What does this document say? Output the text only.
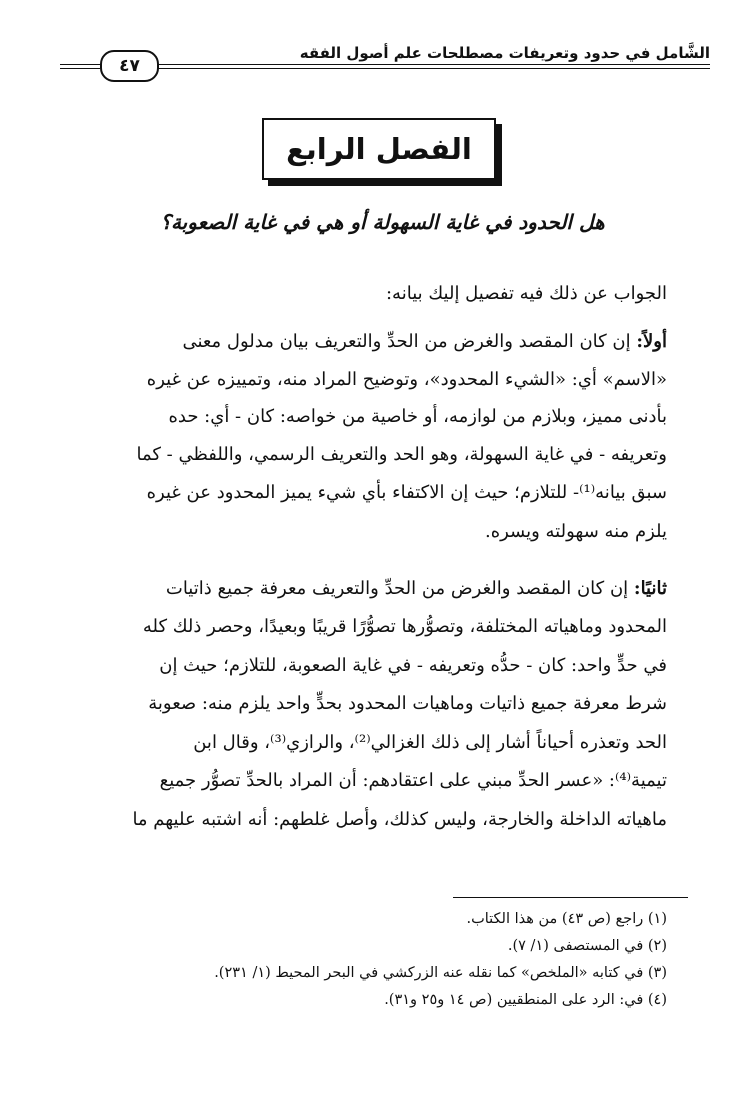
الشَّامل في حدود وتعريفات مصطلحات علم أصول الفقه
٤٧
الفصل الرابع
هل الحدود في غاية السهولة أو هي في غاية الصعوبة؟
الجواب عن ذلك فيه تفصيل إليك بيانه:
أولاً: إن كان المقصد والغرض من الحدِّ والتعريف بيان مدلول معنى
«الاسم» أي: «الشيء المحدود»، وتوضيح المراد منه، وتمييزه عن غيره
بأدنى مميز، وبلازم من لوازمه، أو خاصية من خواصه: كان - أي: حده
وتعريفه - في غاية السهولة، وهو الحد والتعريف الرسمي، واللفظي - كما
سبق بيانه⁽¹⁾- للتلازم؛ حيث إن الاكتفاء بأي شيء يميز المحدود عن غيره
يلزم منه سهولته ويسره.
ثانيًا: إن كان المقصد والغرض من الحدِّ والتعريف معرفة جميع ذاتيات
المحدود وماهياته المختلفة، وتصوُّرها تصوُّرًا قريبًا وبعيدًا، وحصر ذلك كله
في حدٍّ واحد: كان - حدُّه وتعريفه - في غاية الصعوبة، للتلازم؛ حيث إن
شرط معرفة جميع ذاتيات وماهيات المحدود بحدٍّ واحد يلزم منه: صعوبة
الحد وتعذره أحياناً أشار إلى ذلك الغزالي⁽²⁾، والرازي⁽³⁾، وقال ابن
تيمية⁽⁴⁾: «عسر الحدِّ مبني على اعتقادهم: أن المراد بالحدِّ تصوُّر جميع
ماهياته الداخلة والخارجة، وليس كذلك، وأصل غلطهم: أنه اشتبه عليهم ما
(١) راجع (ص ٤٣) من هذا الكتاب.
(٢) في المستصفى (١/ ٧).
(٣) في كتابه «الملخص» كما نقله عنه الزركشي في البحر المحيط (١/ ٢٣١).
(٤) في: الرد على المنطقيين (ص ١٤ و٢٥ و٣١).
